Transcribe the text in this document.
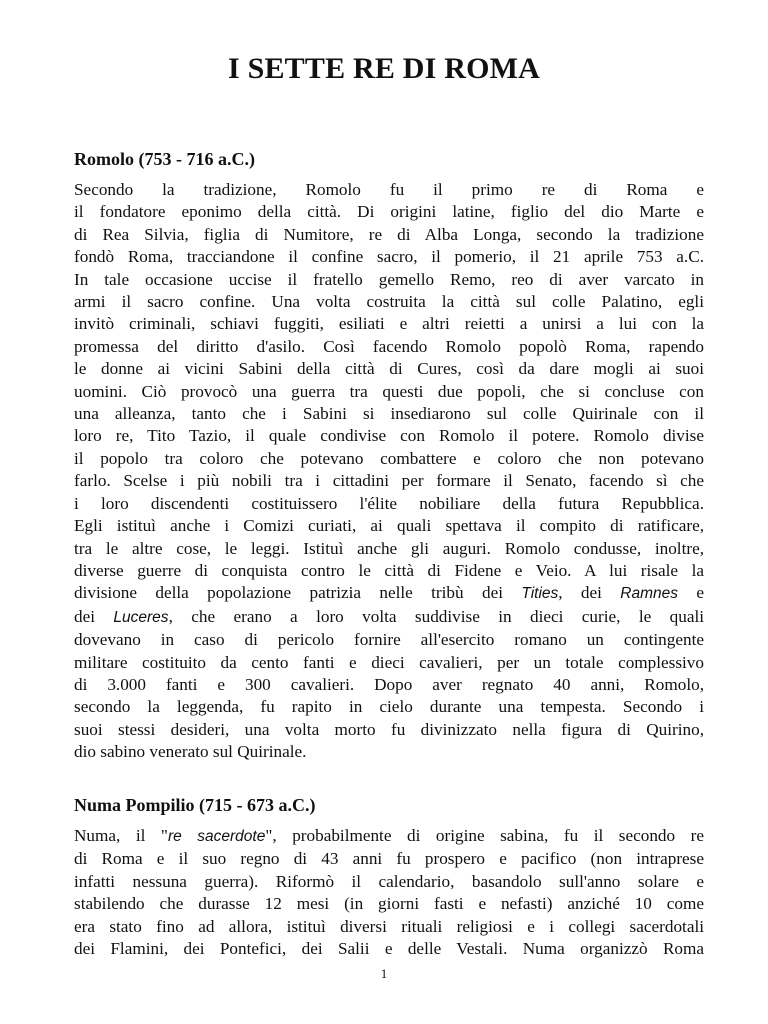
I SETTE RE DI ROMA
Romolo (753 - 716 a.C.)
Secondo la tradizione, Romolo fu il primo re di Roma e
il fondatore eponimo della città. Di origini latine, figlio del dio Marte e
di Rea Silvia, figlia di Numitore, re di Alba Longa, secondo la tradizione
fondò Roma, tracciandone il confine sacro, il pomerio, il 21 aprile 753 a.C.
In tale occasione uccise il fratello gemello Remo, reo di aver varcato in
armi il sacro confine. Una volta costruita la città sul colle Palatino, egli
invitò criminali, schiavi fuggiti, esiliati e altri reietti a unirsi a lui con la
promessa del diritto d'asilo. Così facendo Romolo popolò Roma, rapendo
le donne ai vicini Sabini della città di Cures, così da dare mogli ai suoi
uomini. Ciò provocò una guerra tra questi due popoli, che si concluse con
una alleanza, tanto che i Sabini si insediarono sul colle Quirinale con il
loro re, Tito Tazio, il quale condivise con Romolo il potere. Romolo divise
il popolo tra coloro che potevano combattere e coloro che non potevano
farlo. Scelse i più nobili tra i cittadini per formare il Senato, facendo sì che
i loro discendenti costituissero l'élite nobiliare della futura Repubblica.
Egli istituì anche i Comizi curiati, ai quali spettava il compito di ratificare,
tra le altre cose, le leggi. Istituì anche gli auguri. Romolo condusse, inoltre,
diverse guerre di conquista contro le città di Fidene e Veio. A lui risale la
divisione della popolazione patrizia nelle tribù dei Tities, dei Ramnes e
dei Luceres, che erano a loro volta suddivise in dieci curie, le quali
dovevano in caso di pericolo fornire all'esercito romano un contingente
militare costituito da cento fanti e dieci cavalieri, per un totale complessivo
di 3.000 fanti e 300 cavalieri. Dopo aver regnato 40 anni, Romolo,
secondo la leggenda, fu rapito in cielo durante una tempesta. Secondo i
suoi stessi desideri, una volta morto fu divinizzato nella figura di Quirino,
dio sabino venerato sul Quirinale.
Numa Pompilio (715 - 673 a.C.)
Numa, il "re sacerdote", probabilmente di origine sabina, fu il secondo re
di Roma e il suo regno di 43 anni fu prospero e pacifico (non intraprese
infatti nessuna guerra). Riformò il calendario, basandolo sull'anno solare e
stabilendo che durasse 12 mesi (in giorni fasti e nefasti) anziché 10 come
era stato fino ad allora, istituì diversi rituali religiosi e i collegi sacerdotali
dei Flamini, dei Pontefici, dei Salii e delle Vestali. Numa organizzò Roma
1
